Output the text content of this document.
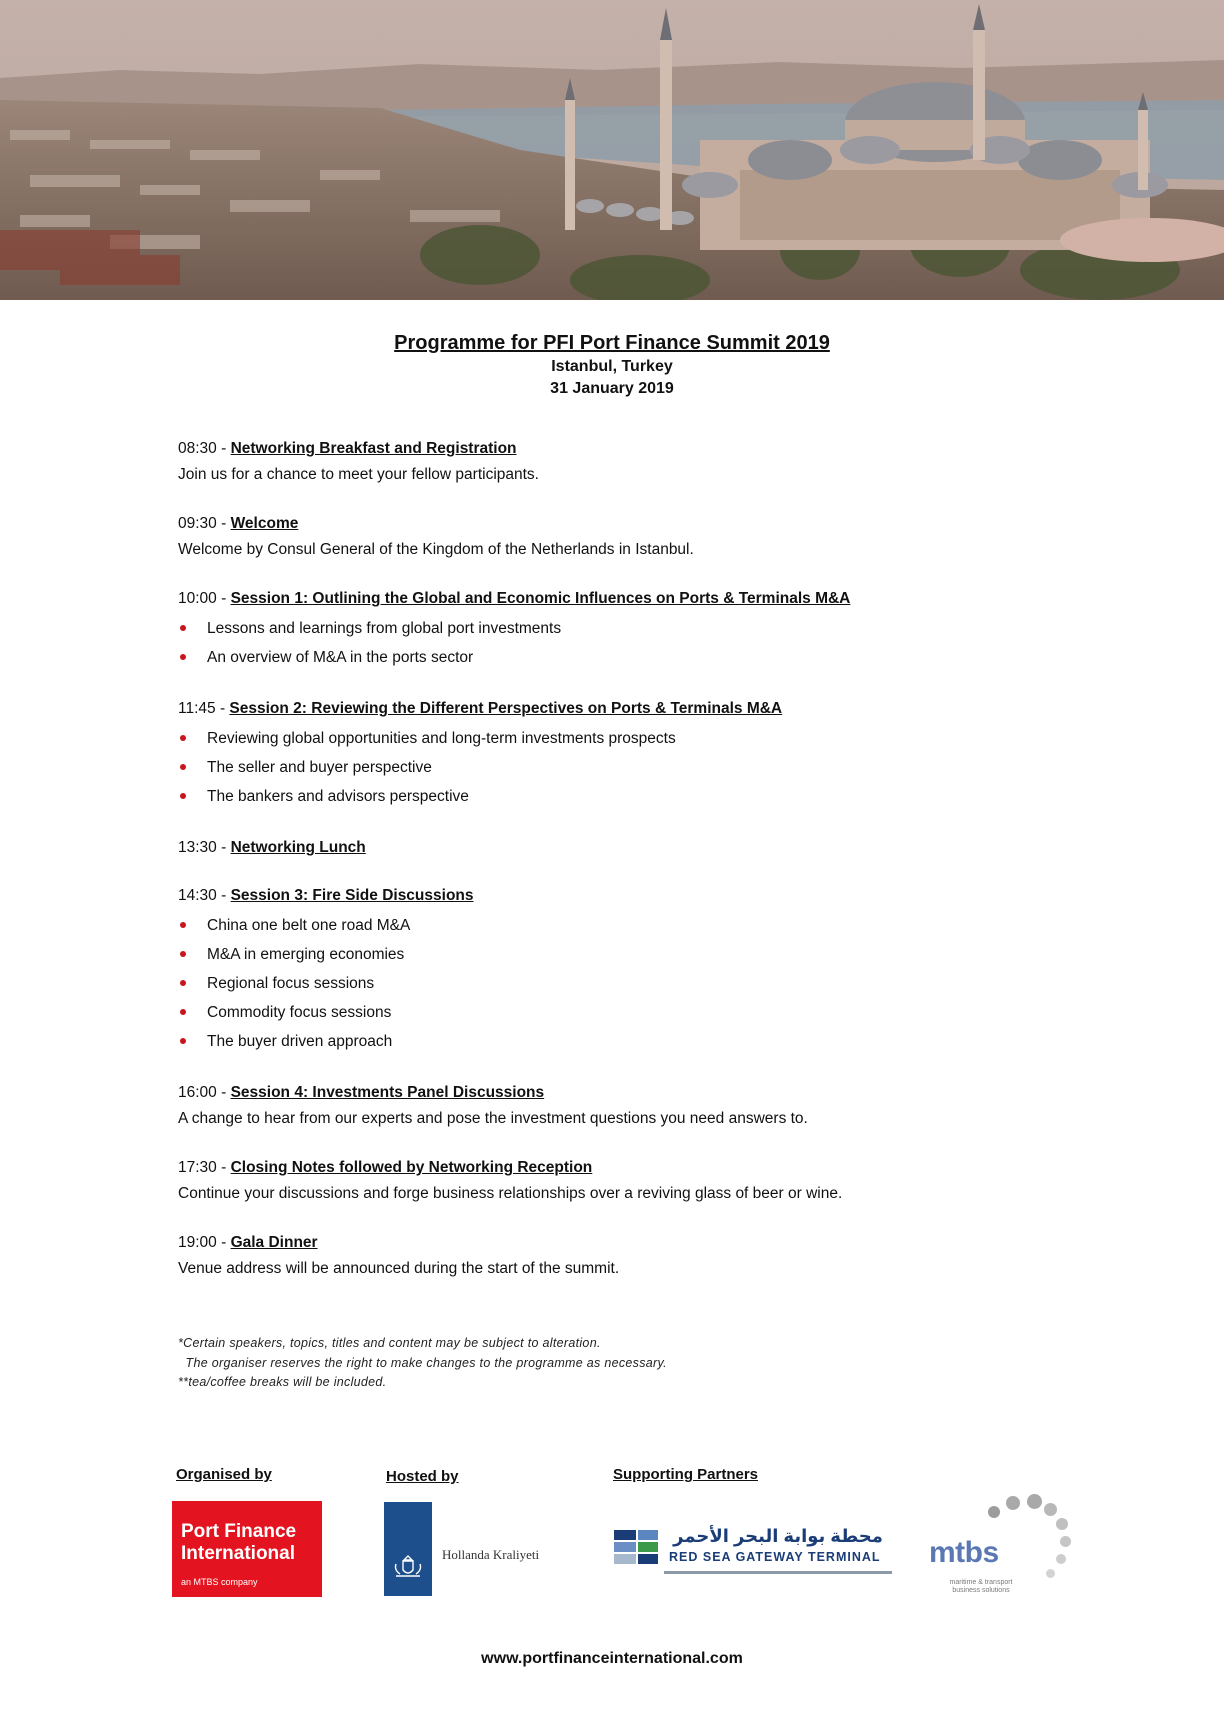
Programme for PFI Port Finance Summit 2019

Istanbul, Turkey

31 January 2019

08:30 - Networking Breakfast and Registration
Join us for a chance to meet your fellow participants.
09:30 - Welcome
Welcome by Consul General of the Kingdom of the Netherlands in Istanbul.
10:00 - Session 1: Outlining the Global and Economic Influences on Ports & Terminals M&A
Lessons and learnings from global port investments
An overview of M&A in the ports sector
11:45 - Session 2: Reviewing the Different Perspectives on Ports & Terminals M&A
Reviewing global opportunities and long-term investments prospects
The seller and buyer perspective
The bankers and advisors perspective
13:30 - Networking Lunch
14:30 - Session 3: Fire Side Discussions
China one belt one road M&A
M&A in emerging economies
Regional focus sessions
Commodity focus sessions
The buyer driven approach
16:00 - Session 4: Investments Panel Discussions
A change to hear from our experts and pose the investment questions you need answers to.
17:30 - Closing Notes followed by Networking Reception
Continue your discussions and forge business relationships over a reviving glass of beer or wine.
19:00 - Gala Dinner
Venue address will be announced during the start of the summit.
*Certain speakers, topics, titles and content may be subject to alteration.
The organiser reserves the right to make changes to the programme as necessary.
**tea/coffee breaks will be included.
Organised by	Hosted by	Supporting Partners
Port Finance
International
an MTBS company
Hollanda Kraliyeti
محطة بوابة البحر الأحمر
RED SEA GATEWAY TERMINAL mtbs
maritime & transport
business solutions
www.portfinanceinternational.com
